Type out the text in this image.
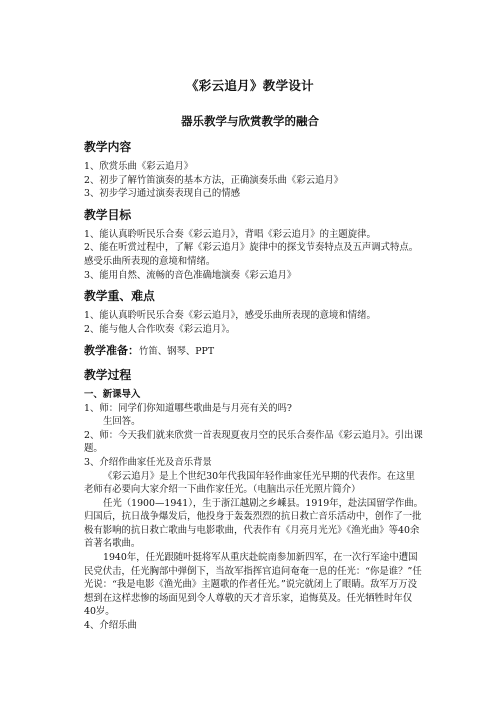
《彩云追月》教学设计
器乐教学与欣赏教学的融合
教学内容
1、欣赏乐曲《彩云追月》
2、初步了解竹笛演奏的基本方法，正确演奏乐曲《彩云追月》
3、初步学习通过演奏表现自己的情感
教学目标
1、能认真聆听民乐合奏《彩云追月》，背唱《彩云追月》的主题旋律。
2、能在听赏过程中，了解《彩云追月》旋律中的探戈节奏特点及五声调式特点。感受乐曲所表现的意境和情绪。
3、能用自然、流畅的音色准确地演奏《彩云追月》
教学重、难点
1、能认真聆听民乐合奏《彩云追月》，感受乐曲所表现的意境和情绪。
2、能与他人合作吹奏《彩云追月》。
教学准备：竹笛、钢琴、PPT
教学过程
一、新课导入
1、师：同学们你知道哪些歌曲是与月亮有关的吗?
生回答。
2、师：今天我们就来欣赏一首表现夏夜月空的民乐合奏作品《彩云追月》。引出课题。
3、介绍作曲家任光及音乐背景
《彩云追月》是上个世纪30年代我国年轻作曲家任光早期的代表作。在这里老师有必要向大家介绍一下曲作家任光。（电脑出示任光照片简介）
任光（1900—1941），生于浙江越剧之乡嵊县。1919年，赴法国留学作曲。归国后，抗日战争爆发后，他投身于轰轰烈烈的抗日救亡音乐活动中，创作了一批极有影响的抗日救亡歌曲与电影歌曲，代表作有《月亮月光光》《渔光曲》等40余首著名歌曲。
1940年，任光跟随叶挺将军从重庆赴皖南参加新四军，在一次行军途中遭国民党伏击，任光胸部中弹倒下，当故军指挥官追问奄奄一息的任光：“你是谁？”任光说：“我是电影《渔光曲》主题歌的作者任光。”说完就闭上了眼睛。敌军万万没想到在这样悲惨的场面见到令人尊敬的天才音乐家，追悔莫及。任光牺牲时年仅40岁。
4、介绍乐曲
